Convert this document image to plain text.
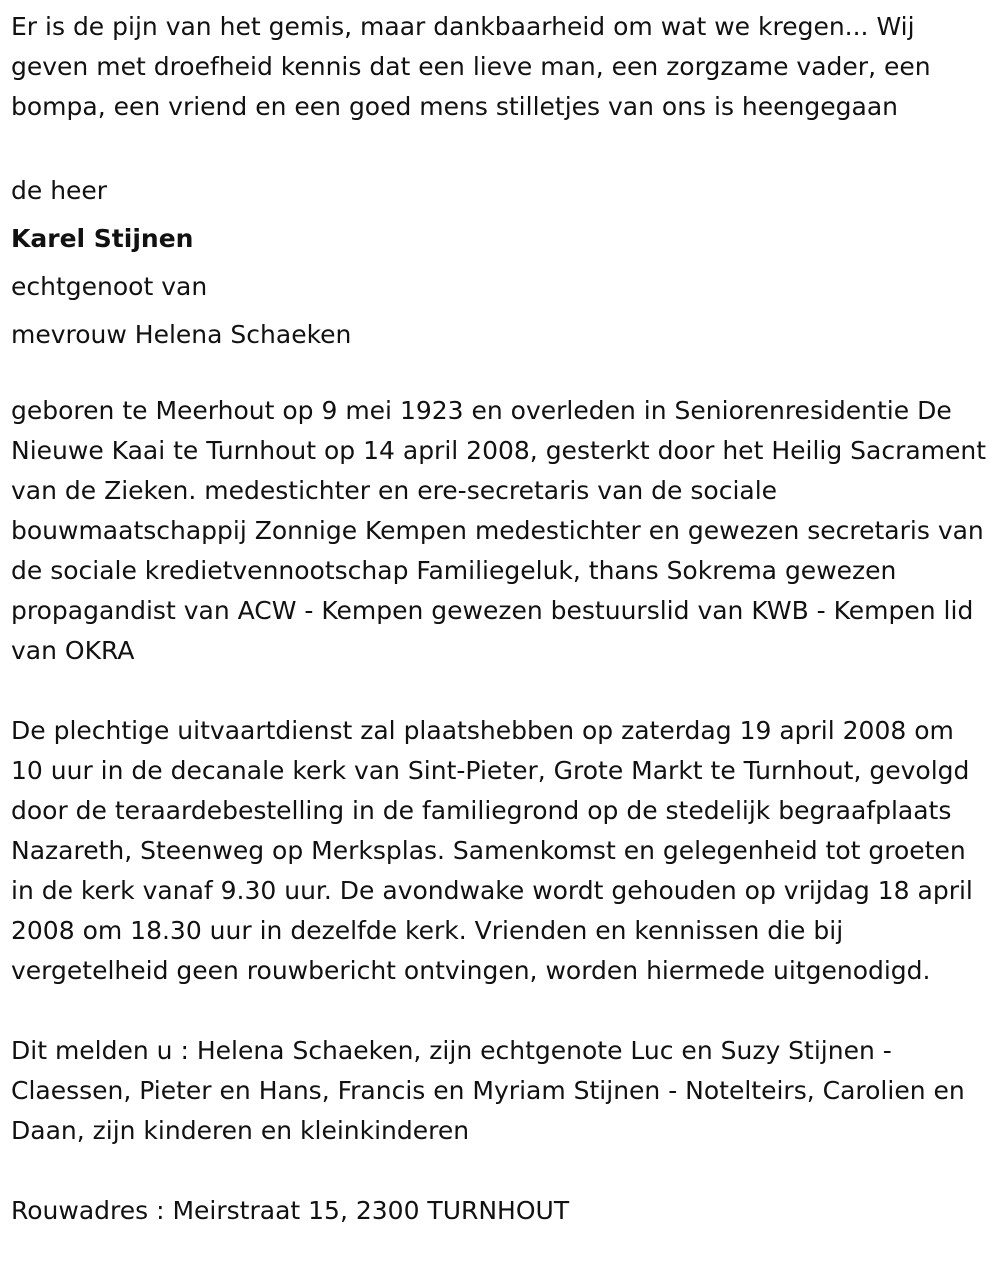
Er is de pijn van het gemis, maar dankbaarheid om wat we kregen... Wij geven met droefheid kennis dat een lieve man, een zorgzame vader, een bompa, een vriend en een goed mens stilletjes van ons is heengegaan

de heer

Karel Stijnen

echtgenoot van

mevrouw Helena Schaeken

geboren te Meerhout op 9 mei 1923 en overleden in Seniorenresidentie De Nieuwe Kaai te Turnhout op 14 april 2008, gesterkt door het Heilig Sacrament van de Zieken. medestichter en ere-secretaris van de sociale bouwmaatschappij Zonnige Kempen medestichter en gewezen secretaris van de sociale kredietvennootschap Familiegeluk, thans Sokrema gewezen propagandist van ACW - Kempen gewezen bestuurslid van KWB - Kempen lid van OKRA

De plechtige uitvaartdienst zal plaatshebben op zaterdag 19 april 2008 om 10 uur in de decanale kerk van Sint-Pieter, Grote Markt te Turnhout, gevolgd door de teraardebestelling in de familiegrond op de stedelijk begraafplaats Nazareth, Steenweg op Merksplas. Samenkomst en gelegenheid tot groeten in de kerk vanaf 9.30 uur. De avondwake wordt gehouden op vrijdag 18 april 2008 om 18.30 uur in dezelfde kerk. Vrienden en kennissen die bij vergetelheid geen rouwbericht ontvingen, worden hiermede uitgenodigd.

Dit melden u : Helena Schaeken, zijn echtgenote Luc en Suzy Stijnen - Claessen, Pieter en Hans, Francis en Myriam Stijnen - Notelteirs, Carolien en Daan, zijn kinderen en kleinkinderen

Rouwadres : Meirstraat 15, 2300 TURNHOUT
